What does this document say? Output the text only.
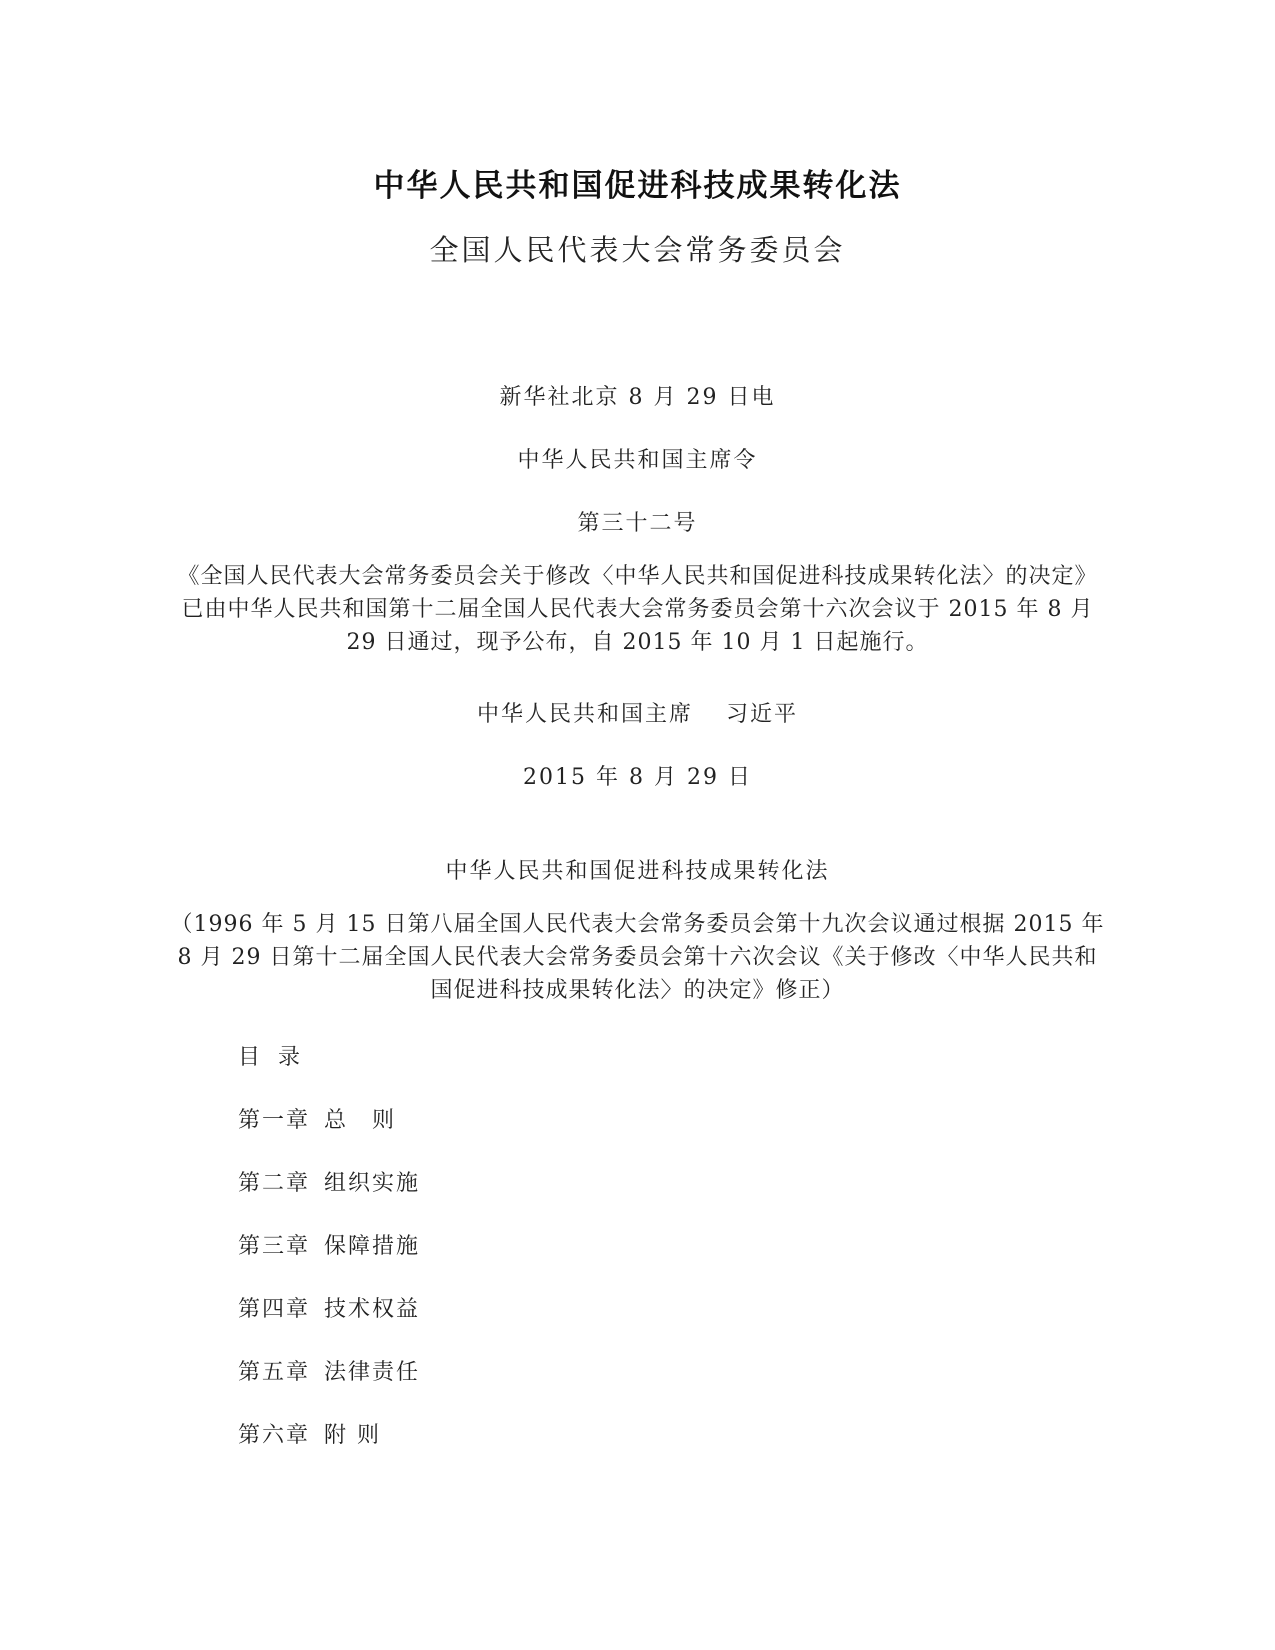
中华人民共和国促进科技成果转化法
全国人民代表大会常务委员会
新华社北京 8 月 29 日电
中华人民共和国主席令
第三十二号
《全国人民代表大会常务委员会关于修改〈中华人民共和国促进科技成果转化法〉的决定》已由中华人民共和国第十二届全国人民代表大会常务委员会第十六次会议于 2015 年 8 月 29 日通过，现予公布，自 2015 年 10 月 1 日起施行。
中华人民共和国主席　 习近平
2015 年 8 月 29 日
中华人民共和国促进科技成果转化法
（1996 年 5 月 15 日第八届全国人民代表大会常务委员会第十九次会议通过根据 2015 年 8 月 29 日第十二届全国人民代表大会常务委员会第十六次会议《关于修改〈中华人民共和国促进科技成果转化法〉的决定》修正）
目录
第一章 总　则
第二章 组织实施
第三章 保障措施
第四章 技术权益
第五章 法律责任
第六章 附 则
